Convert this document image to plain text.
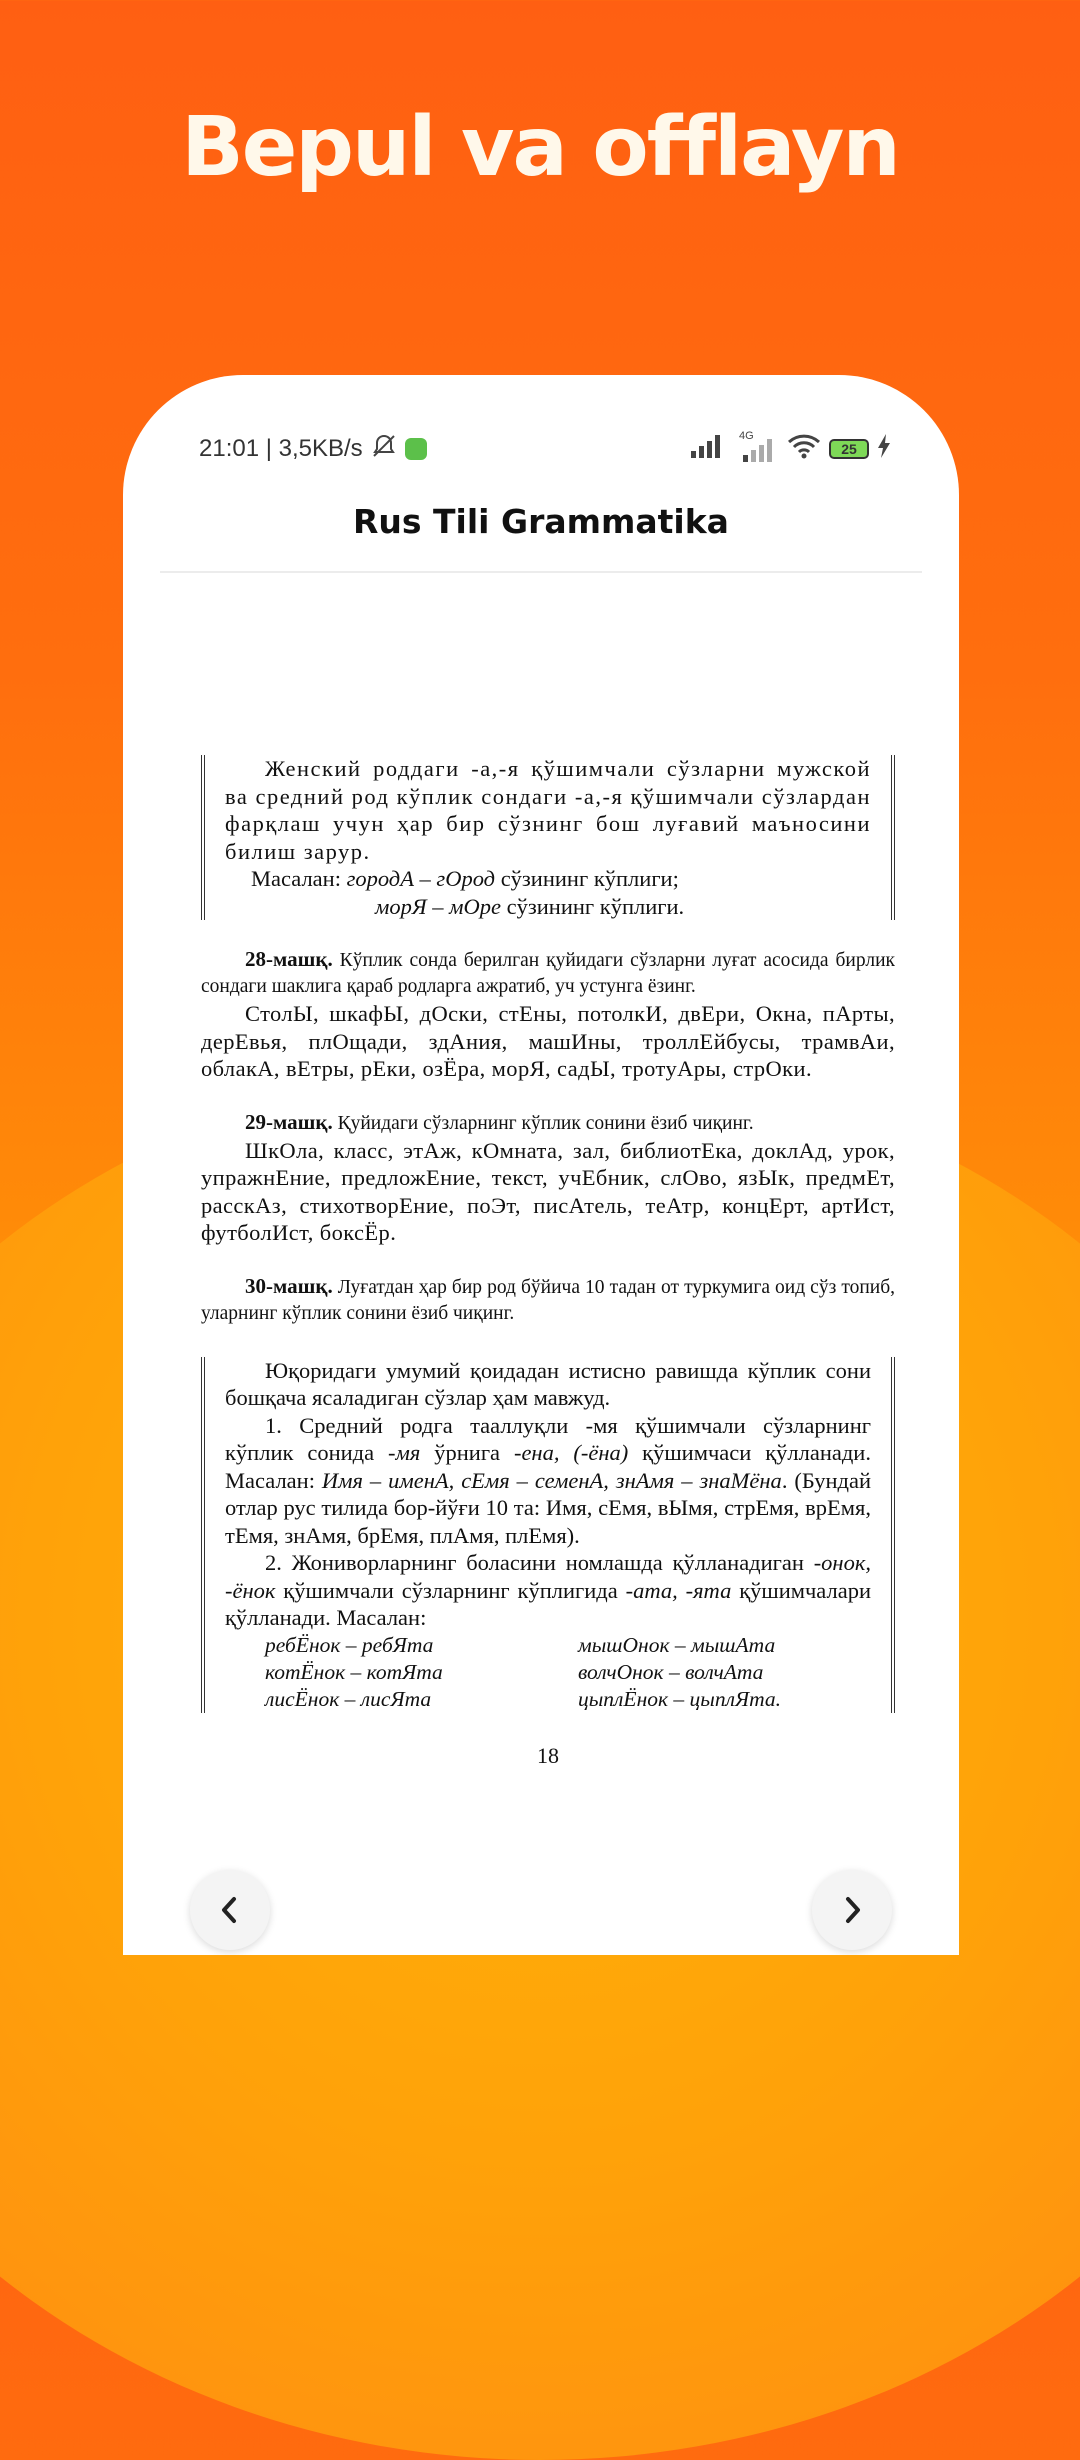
Bepul va offlayn
21:01 | 3,5KB/s	4G
25
Rus Tili Grammatika

Женский роддаги -а,-я қўшимчали сўзларни мужской ва средний род кўплик сондаги -а,-я қўшимчали сўзлардан фарқлаш учун ҳар бир сўзнинг бош луғавий маъносини билиш зарур.

Масалан: городА – гОрод сўзининг кўплиги;

морЯ – мОре сўзининг кўплиги.

28-машқ. Кўплик сонда берилган қуйидаги сўзларни луғат асосида бирлик сондаги шаклига қараб родларга ажратиб, уч устунга ёзинг.

СтолЫ, шкафЫ, дОски, стЕны, потолкИ, двЕри, Окна, пАрты, дерЕвья, плОщади, здАния, машИны, троллЕйбусы, трамвАи, облакА, вЕтры, рЕки, озЁра, морЯ, садЫ, тротуАры, стрОки.

29-машқ. Қуйидаги сўзларнинг кўплик сонини ёзиб чиқинг.

ШкОла, класс, этАж, кОмната, зал, библиотЕка, доклАд, урок, упражнЕние, предложЕние, текст, учЕбник, слОво, язЫк, предмЕт, расскАз, стихотворЕние, поЭт, писАтель, теАтр, концЕрт, артИст, футболИст, боксЁр.

30-машқ. Луғатдан ҳар бир род бўйича 10 тадан от туркумига оид сўз топиб, уларнинг кўплик сонини ёзиб чиқинг.

Юқоридаги умумий қоидадан истисно равишда кўплик сони бошқача ясаладиган сўзлар ҳам мавжуд.

1. Средний родга тааллуқли -мя қўшимчали сўзларнинг кўплик сонида -мя ўрнига -ена, (-ёна) қўшимчаси қўлланади. Масалан: Имя – именА, сЕмя – семенА, знАмя – знаМёна. (Бундай отлар рус тилида бор-йўғи 10 та: Имя, сЕмя, вЫмя, стрЕмя, врЕмя, тЕмя, знАмя, брЕмя, плАмя, плЕмя).

2. Жониворларнинг боласини номлашда қўлланадиган -онок, -ёнок қўшимчали сўзларнинг кўплигида -ата, -ята қўшимчалари қўлланади. Масалан:

ребЁнок – ребЯта	мышОнок – мышАта
котЁнок – котЯта	волчОнок – волчАта
лисЁнок – лисЯта	цыплЁнок – цыплЯта.
18
